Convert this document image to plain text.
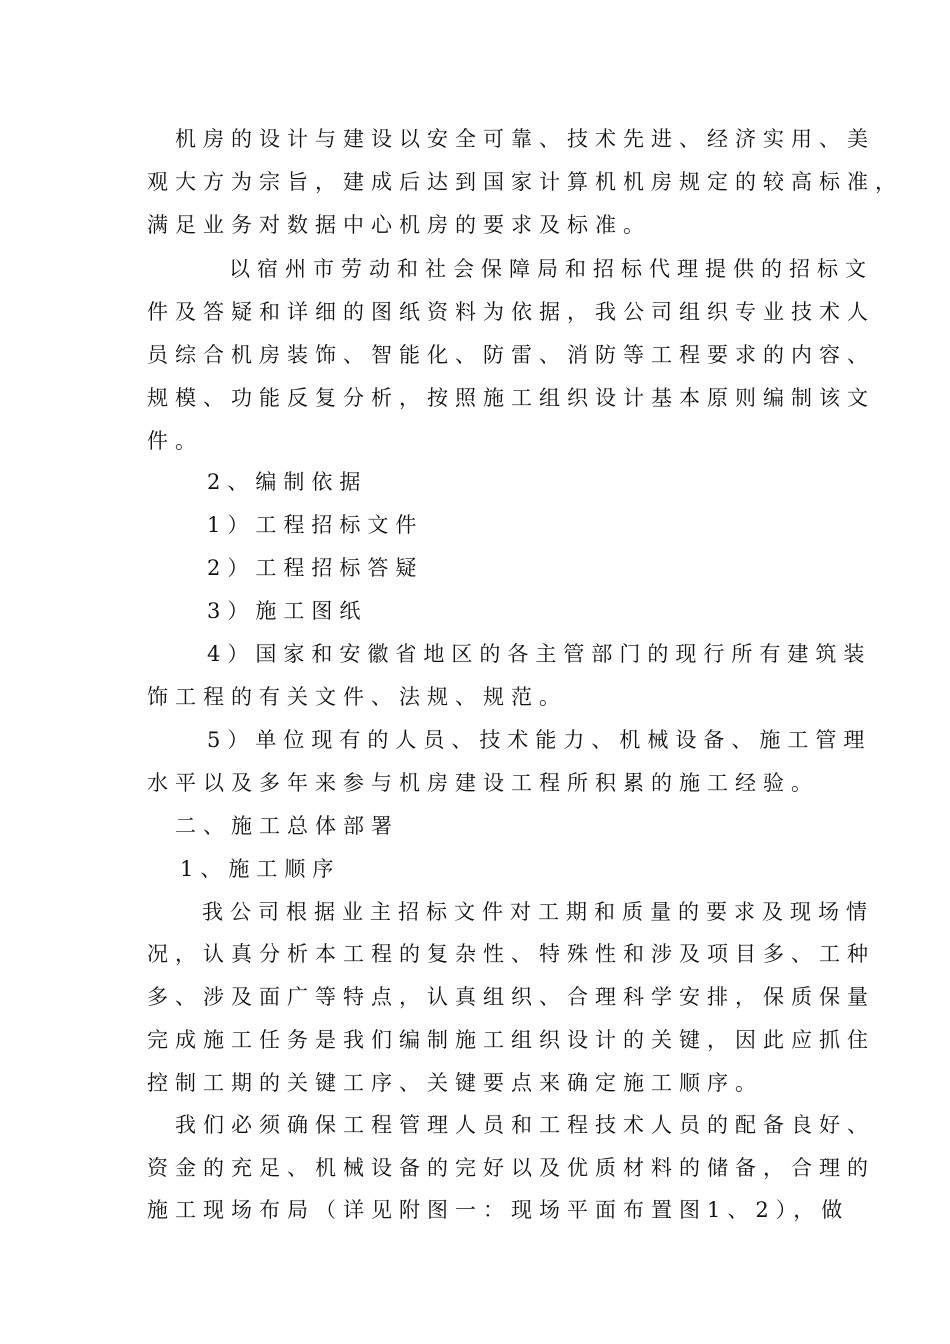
机房的设计与建设以安全可靠、技术先进、经济实用、美
观大方为宗旨，建成后达到国家计算机机房规定的较高标准，
满足业务对数据中心机房的要求及标准。
以宿州市劳动和社会保障局和招标代理提供的招标文
件及答疑和详细的图纸资料为依据，我公司组织专业技术人
员综合机房装饰、智能化、防雷、消防等工程要求的内容、
规模、功能反复分析，按照施工组织设计基本原则编制该文
件。
2、编制依据
1）工程招标文件
2）工程招标答疑
3）施工图纸
4）国家和安徽省地区的各主管部门的现行所有建筑装
饰工程的有关文件、法规、规范。
5）单位现有的人员、技术能力、机械设备、施工管理
水平以及多年来参与机房建设工程所积累的施工经验。
二、施工总体部署
1、施工顺序
我公司根据业主招标文件对工期和质量的要求及现场情
况，认真分析本工程的复杂性、特殊性和涉及项目多、工种
多、涉及面广等特点，认真组织、合理科学安排，保质保量
完成施工任务是我们编制施工组织设计的关键，因此应抓住
控制工期的关键工序、关键要点来确定施工顺序。
我们必须确保工程管理人员和工程技术人员的配备良好、
资金的充足、机械设备的完好以及优质材料的储备，合理的
施工现场布局（详见附图一：现场平面布置图1、2），做
